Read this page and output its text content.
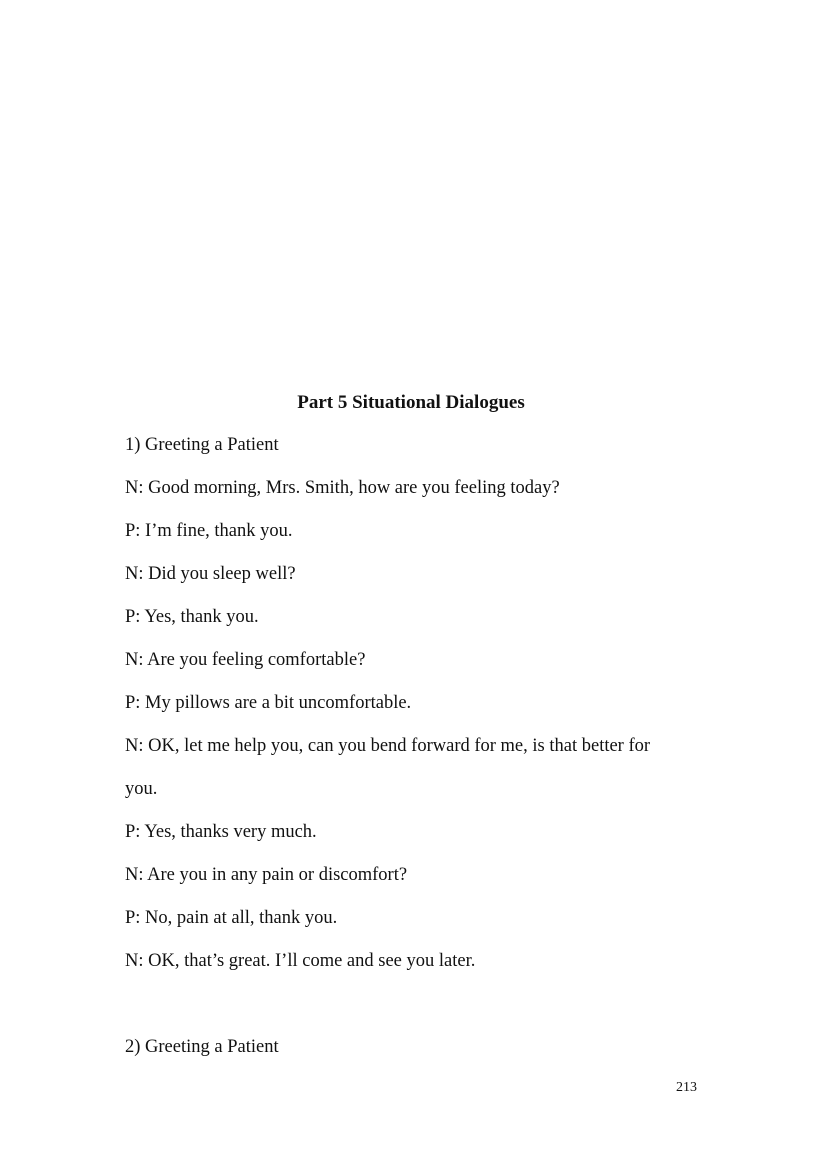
Part 5 Situational Dialogues
1) Greeting a Patient
N: Good morning, Mrs. Smith, how are you feeling today?
P: I’m fine, thank you.
N: Did you sleep well?
P: Yes, thank you.
N: Are you feeling comfortable?
P: My pillows are a bit uncomfortable.
N: OK, let me help you, can you bend forward for me, is that better for
you.
P: Yes, thanks very much.
N: Are you in any pain or discomfort?
P: No, pain at all, thank you.
N: OK, that’s great. I’ll come and see you later.
2) Greeting a Patient
213
